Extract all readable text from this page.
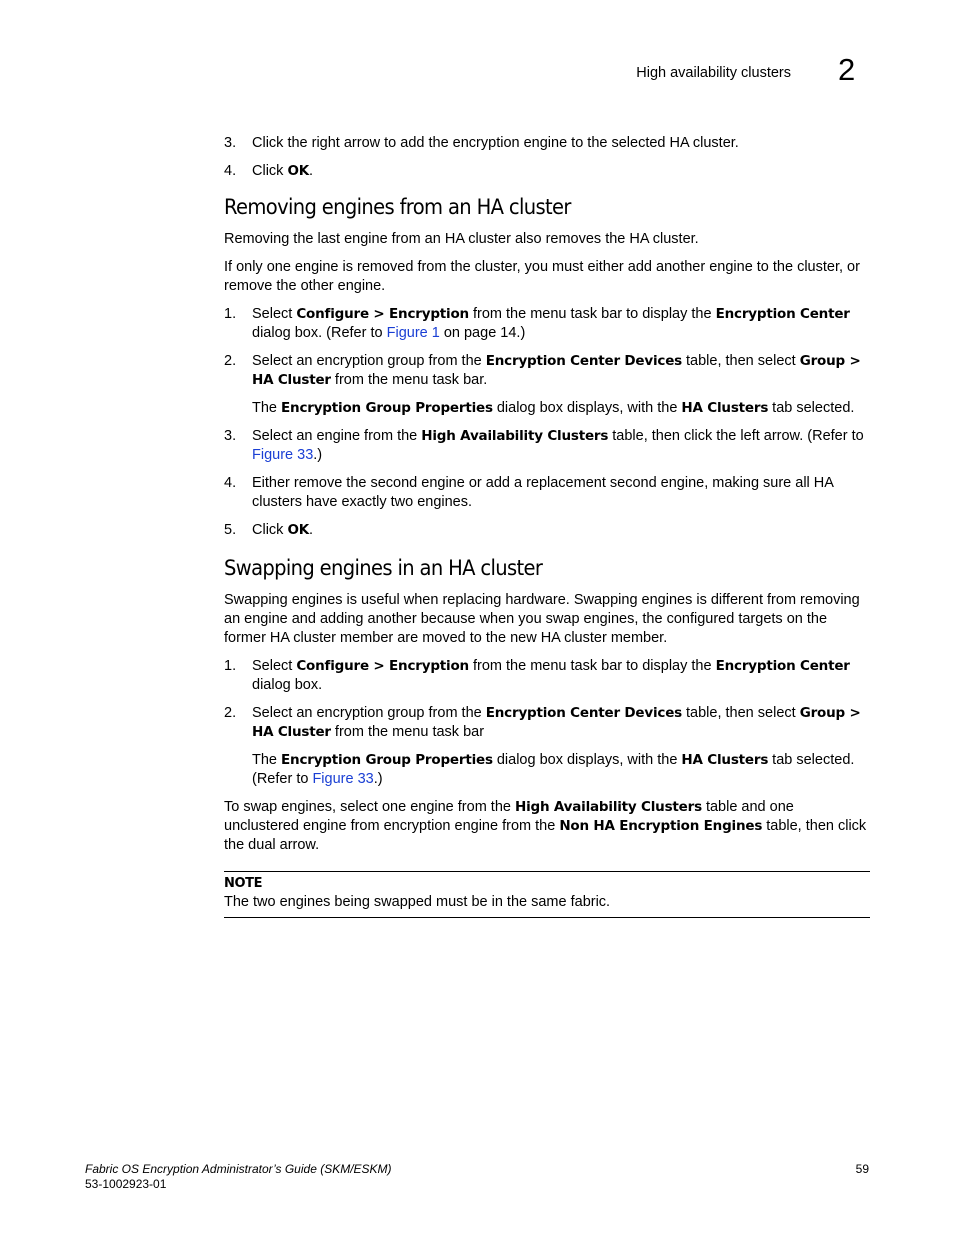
High availability clusters 2
3. Click the right arrow to add the encryption engine to the selected HA cluster.
4. Click OK.
Removing engines from an HA cluster

Removing the last engine from an HA cluster also removes the HA cluster.

If only one engine is removed from the cluster, you must either add another engine to the cluster, or remove the other engine.

1. Select Configure > Encryption from the menu task bar to display the Encryption Center dialog box. (Refer to Figure 1 on page 14.)
2. Select an encryption group from the Encryption Center Devices table, then select Group > HA Cluster from the menu task bar.
The Encryption Group Properties dialog box displays, with the HA Clusters tab selected.
3. Select an engine from the High Availability Clusters table, then click the left arrow. (Refer to Figure 33.)
4. Either remove the second engine or add a replacement second engine, making sure all HA clusters have exactly two engines.
5. Click OK.
Swapping engines in an HA cluster

Swapping engines is useful when replacing hardware. Swapping engines is different from removing an engine and adding another because when you swap engines, the configured targets on the former HA cluster member are moved to the new HA cluster member.

1. Select Configure > Encryption from the menu task bar to display the Encryption Center dialog box.
2. Select an encryption group from the Encryption Center Devices table, then select Group > HA Cluster from the menu task bar
The Encryption Group Properties dialog box displays, with the HA Clusters tab selected. (Refer to Figure 33.)

To swap engines, select one engine from the High Availability Clusters table and one unclustered engine from encryption engine from the Non HA Encryption Engines table, then click the dual arrow.

NOTE
The two engines being swapped must be in the same fabric.
Fabric OS Encryption Administrator’s Guide (SKM/ESKM)
53-1002923-01
59
